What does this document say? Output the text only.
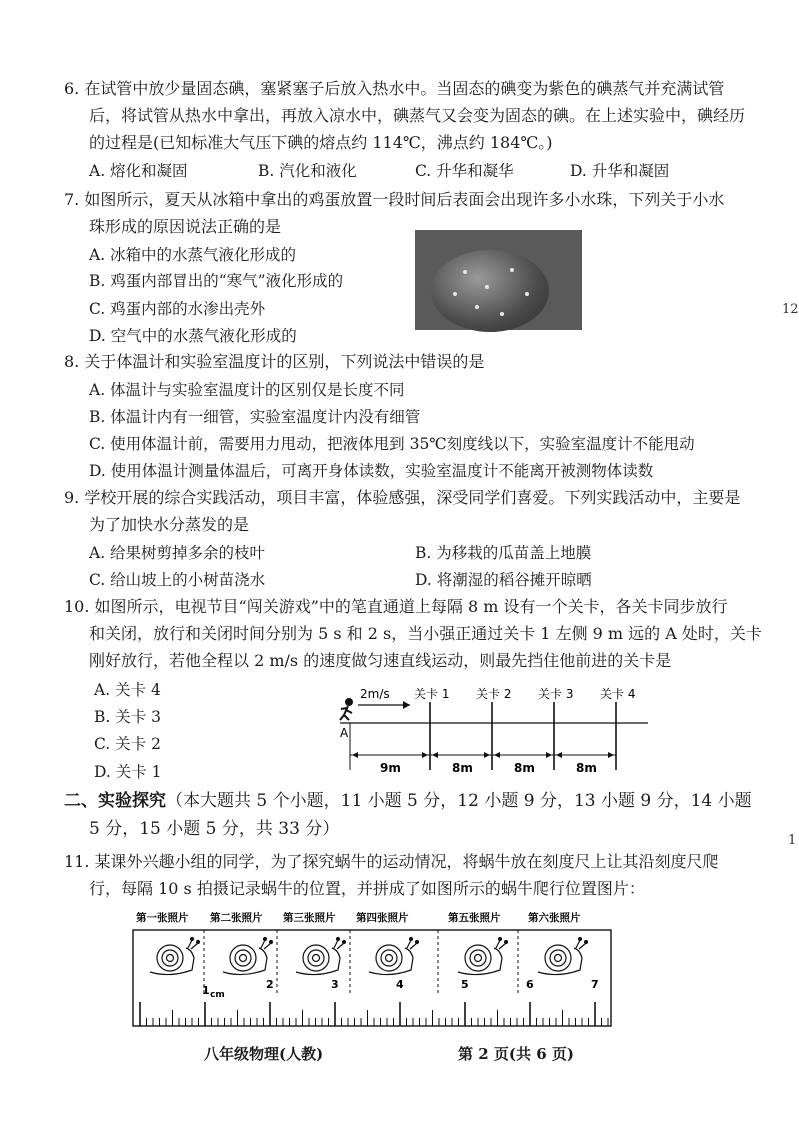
6. 在试管中放少量固态碘，塞紧塞子后放入热水中。当固态的碘变为紫色的碘蒸气并充满试管
后，将试管从热水中拿出，再放入凉水中，碘蒸气又会变为固态的碘。在上述实验中，碘经历
的过程是(已知标准大气压下碘的熔点约 114℃，沸点约 184℃。)
A. 熔化和凝固	B. 汽化和液化	C. 升华和凝华	D. 升华和凝固
7. 如图所示，夏天从冰箱中拿出的鸡蛋放置一段时间后表面会出现许多小水珠，下列关于小水
珠形成的原因说法正确的是
A. 冰箱中的水蒸气液化形成的
B. 鸡蛋内部冒出的“寒气”液化形成的
C. 鸡蛋内部的水渗出壳外
D. 空气中的水蒸气液化形成的
8. 关于体温计和实验室温度计的区别，下列说法中错误的是
A. 体温计与实验室温度计的区别仅是长度不同
B. 体温计内有一细管，实验室温度计内没有细管
C. 使用体温计前，需要用力甩动，把液体甩到 35℃刻度线以下，实验室温度计不能甩动
D. 使用体温计测量体温后，可离开身体读数，实验室温度计不能离开被测物体读数
9. 学校开展的综合实践活动，项目丰富，体验感强，深受同学们喜爱。下列实践活动中，主要是
为了加快水分蒸发的是
A. 给果树剪掉多余的枝叶	B. 为移栽的瓜苗盖上地膜
C. 给山坡上的小树苗浇水	D. 将潮湿的稻谷摊开晾晒
10. 如图所示，电视节目“闯关游戏”中的笔直通道上每隔 8 m 设有一个关卡，各关卡同步放行
和关闭，放行和关闭时间分别为 5 s 和 2 s，当小强正通过关卡 1 左侧 9 m 远的 A 处时，关卡
刚好放行，若他全程以 2 m/s 的速度做匀速直线运动，则最先挡住他前进的关卡是
A. 关卡 4
B. 关卡 3
C. 关卡 2
D. 关卡 1
2m/s
A
关卡 1 关卡 2 关卡 3 关卡 4
9m	8m	8m	8m
二、实验探究（本大题共 5 个小题，11 小题 5 分，12 小题 9 分，13 小题 9 分，14 小题
5 分，15 小题 5 分，共 33 分）
11. 某课外兴趣小组的同学，为了探究蜗牛的运动情况，将蜗牛放在刻度尺上让其沿刻度尺爬
行，每隔 10 s 拍摄记录蜗牛的位置，并拼成了如图所示的蜗牛爬行位置图片：
第一张照片 第二张照片 第三张照片 第四张照片	第五张照片	第六张照片
1 cm
2	3	4	5	6	7
八年级物理(人教)	第 2 页(共 6 页)
12
1
